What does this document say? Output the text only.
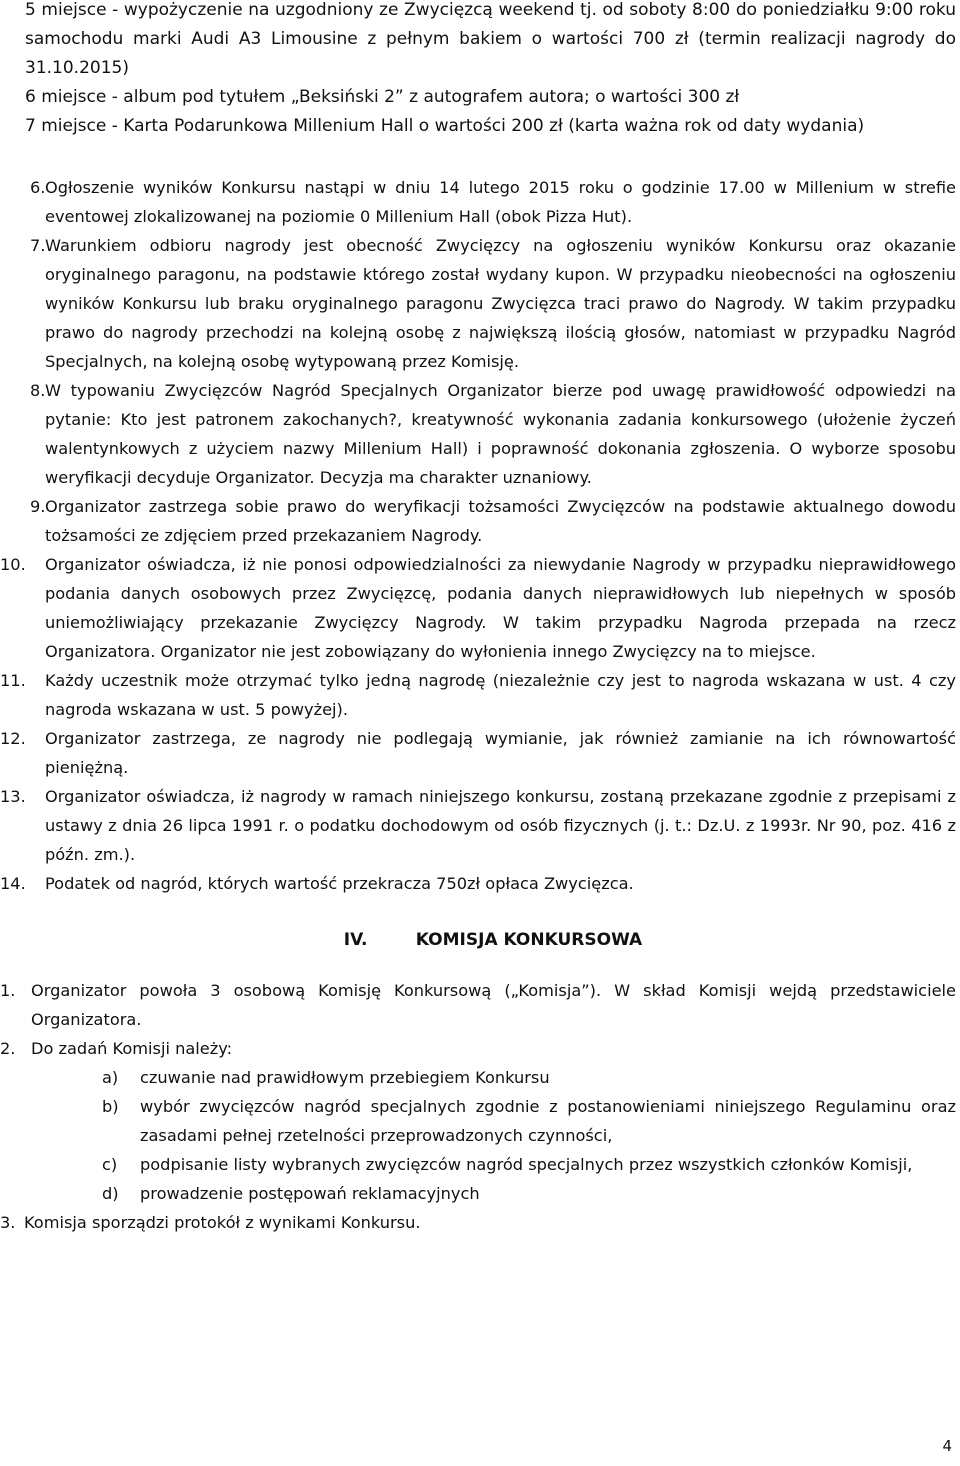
5 miejsce - wypożyczenie na uzgodniony ze Zwycięzcą weekend tj. od soboty 8:00 do poniedziałku 9:00 roku samochodu marki Audi A3 Limousine z pełnym bakiem o wartości 700 zł (termin realizacji nagrody do 31.10.2015)

6 miejsce - album pod tytułem „Beksiński 2” z autografem autora; o wartości 300 zł

7 miejsce - Karta Podarunkowa Millenium Hall o wartości 200 zł (karta ważna rok od daty wydania)

6. Ogłoszenie wyników Konkursu nastąpi w dniu 14 lutego 2015 roku o godzinie 17.00 w Millenium w strefie eventowej zlokalizowanej na poziomie 0 Millenium Hall (obok Pizza Hut).
7. Warunkiem odbioru nagrody jest obecność Zwycięzcy na ogłoszeniu wyników Konkursu oraz okazanie oryginalnego paragonu, na podstawie którego został wydany kupon. W przypadku nieobecności na ogłoszeniu wyników Konkursu lub braku oryginalnego paragonu Zwycięzca traci prawo do Nagrody. W takim przypadku prawo do nagrody przechodzi na kolejną osobę z największą ilością głosów, natomiast w przypadku Nagród Specjalnych, na kolejną osobę wytypowaną przez Komisję.
8. W typowaniu Zwycięzców Nagród Specjalnych Organizator bierze pod uwagę prawidłowość odpowiedzi na pytanie: Kto jest patronem zakochanych?, kreatywność wykonania zadania konkursowego (ułożenie życzeń walentynkowych z użyciem nazwy Millenium Hall) i poprawność dokonania zgłoszenia. O wyborze sposobu weryfikacji decyduje Organizator. Decyzja ma charakter uznaniowy.
9. Organizator zastrzega sobie prawo do weryfikacji tożsamości Zwycięzców na podstawie aktualnego dowodu tożsamości ze zdjęciem przed przekazaniem Nagrody.
10.	Organizator oświadcza, iż nie ponosi odpowiedzialności za niewydanie Nagrody w przypadku nieprawidłowego podania danych osobowych przez Zwycięzcę, podania danych nieprawidłowych lub niepełnych w sposób uniemożliwiający przekazanie Zwycięzcy Nagrody. W takim przypadku Nagroda przepada na rzecz Organizatora. Organizator nie jest zobowiązany do wyłonienia innego Zwycięzcy na to miejsce.
11.	Każdy uczestnik może otrzymać tylko jedną nagrodę (niezależnie czy jest to nagroda wskazana w ust. 4 czy nagroda wskazana w ust. 5 powyżej).
12.	Organizator zastrzega, ze nagrody nie podlegają wymianie, jak również zamianie na ich równowartość pieniężną.
13.	Organizator oświadcza, iż nagrody w ramach niniejszego konkursu, zostaną przekazane zgodnie z przepisami z ustawy z dnia 26 lipca 1991 r. o podatku dochodowym od osób fizycznych (j. t.: Dz.U. z 1993r. Nr 90, poz. 416 z późn. zm.).
14.	Podatek od nagród, których wartość przekracza 750zł opłaca Zwycięzca.
IV.	KOMISJA KONKURSOWA
1. Organizator powoła 3 osobową Komisję Konkursową („Komisja”). W skład Komisji wejdą przedstawiciele Organizatora.
2. Do zadań Komisji należy:
a)	czuwanie nad prawidłowym przebiegiem Konkursu
b)	wybór zwycięzców nagród specjalnych zgodnie z postanowieniami niniejszego Regulaminu oraz zasadami pełnej rzetelności przeprowadzonych czynności,
c)	podpisanie listy wybranych zwycięzców nagród specjalnych przez wszystkich członków Komisji,
d)	prowadzenie postępowań reklamacyjnych
3. Komisja sporządzi protokół z wynikami Konkursu.
4
